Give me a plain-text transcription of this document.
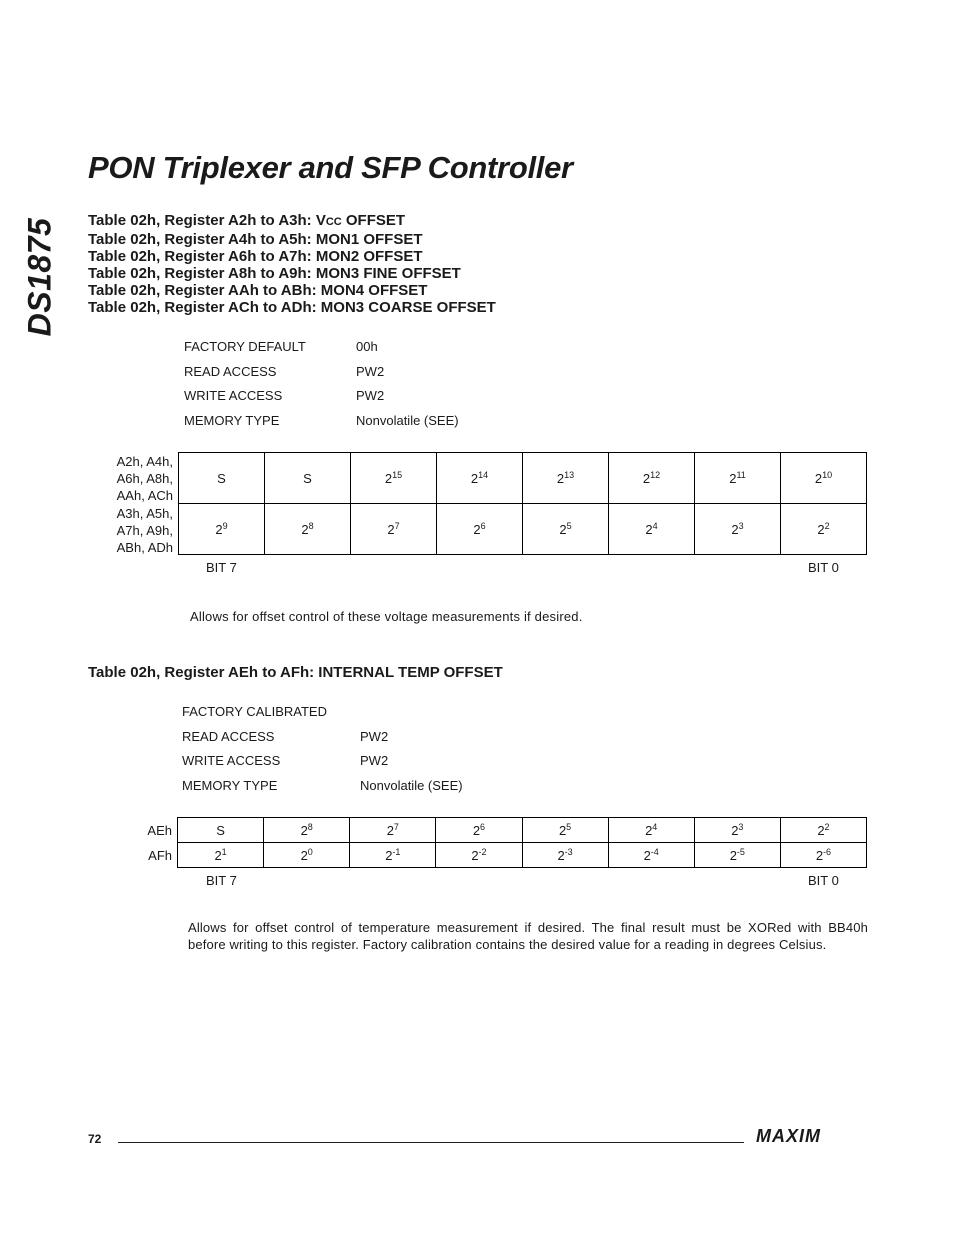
DS1875
PON Triplexer and SFP Controller
Table 02h, Register A2h to A3h: VCC OFFSET
Table 02h, Register A4h to A5h: MON1 OFFSET
Table 02h, Register A6h to A7h: MON2 OFFSET
Table 02h, Register A8h to A9h: MON3 FINE OFFSET
Table 02h, Register AAh to ABh: MON4 OFFSET
Table 02h, Register ACh to ADh: MON3 COARSE OFFSET
FACTORY DEFAULT	00h
READ ACCESS	PW2
WRITE ACCESS	PW2
MEMORY TYPE	Nonvolatile (SEE)
A2h, A4h,
A6h, A8h,
AAh, ACh
A3h, A5h,
A7h, A9h,
ABh, ADh
S	S	$2^{15}$	$2^{14}$	$2^{13}$	$2^{12}$	$2^{11}$	$2^{10}$
$2^9$	$2^8$	$2^7$	$2^6$	$2^5$	$2^4$	$2^3$	$2^2$
BIT 7	BIT 0
Allows for offset control of these voltage measurements if desired.
Table 02h, Register AEh to AFh: INTERNAL TEMP OFFSET
FACTORY CALIBRATED
READ ACCESS	PW2
WRITE ACCESS	PW2
MEMORY TYPE	Nonvolatile (SEE)
AEh
AFh
S	$2^8$	$2^7$	$2^6$	$2^5$	$2^4$	$2^3$	$2^2$
$2^1$	$2^0$	$2^{-1}$	$2^{-2}$	$2^{-3}$	$2^{-4}$	$2^{-5}$	$2^{-6}$
BIT 7	BIT 0
Allows for offset control of temperature measurement if desired. The final result must be XORed with BB40h
before writing to this register. Factory calibration contains the desired value for a reading in degrees Celsius.
72	MAXIM
